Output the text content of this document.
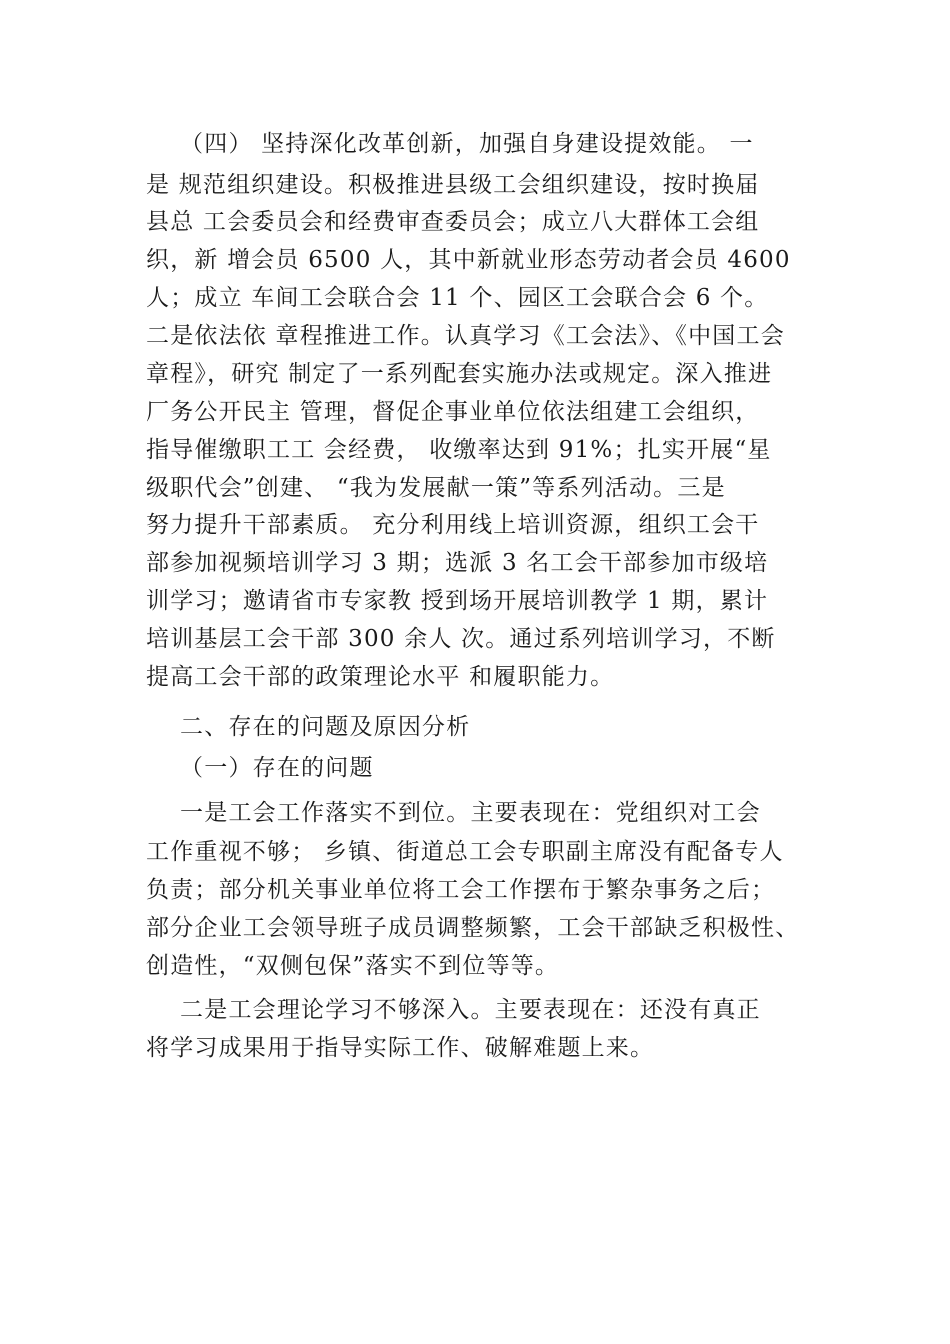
（四） 坚持深化改革创新，加强自身建设提效能。 一
是 规范组织建设。积极推进县级工会组织建设，按时换届
县总 工会委员会和经费审查委员会；成立八大群体工会组
织，新 增会员 6500 人，其中新就业形态劳动者会员 4600
人；成立 车间工会联合会 11 个、园区工会联合会 6 个。
二是依法依 章程推进工作。认真学习《工会法》、《中国工会
章程》，研究 制定了一系列配套实施办法或规定。深入推进
厂务公开民主 管理，督促企事业单位依法组建工会组织，
指导催缴职工工 会经费， 收缴率达到 91%；扎实开展“星
级职代会”创建、 “我为发展献一策”等系列活动。三是
努力提升干部素质。 充分利用线上培训资源，组织工会干
部参加视频培训学习 3 期；选派 3 名工会干部参加市级培
训学习；邀请省市专家教 授到场开展培训教学 1 期，累计
培训基层工会干部 300 余人 次。通过系列培训学习，不断
提高工会干部的政策理论水平 和履职能力。
二、存在的问题及原因分析
（一）存在的问题
一是工会工作落实不到位。主要表现在：党组织对工会
工作重视不够； 乡镇、街道总工会专职副主席没有配备专人
负责；部分机关事业单位将工会工作摆布于繁杂事务之后；
部分企业工会领导班子成员调整频繁，工会干部缺乏积极性、
创造性，“双侧包保”落实不到位等等。
二是工会理论学习不够深入。主要表现在：还没有真正
将学习成果用于指导实际工作、破解难题上来。
